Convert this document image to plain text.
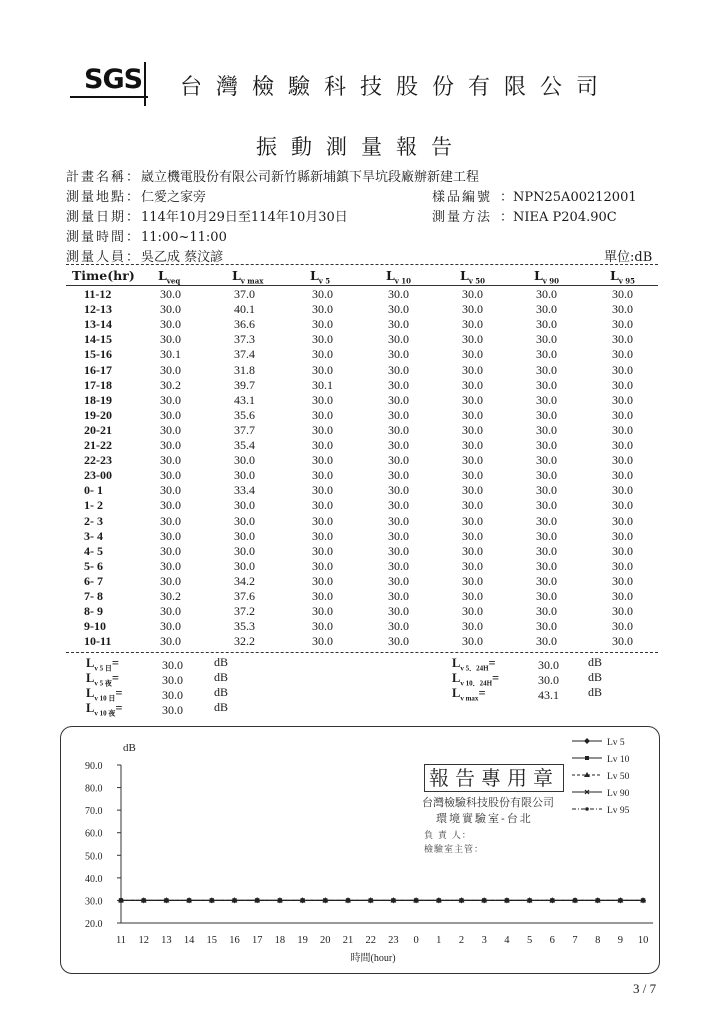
SGS 台灣檢驗科技股份有限公司
振動測量報告
計畫名稱：崴立機電股份有限公司新竹縣新埔鎮下旱坑段廠辦新建工程
測量地點：仁愛之家旁
測量日期：114年10月29日至114年10月30日
測量時間：11:00~11:00
測量人員：吳乙成 蔡汶諺
樣品編號 ：NPN25A00212001
測量方法 ：NIEA P204.90C
單位:dB
Time(hr) $L_{veq}$	$L_{v max}$	$L_{v 5}$	$L_{v 10}$	$L_{v 50}$	$L_{v 90}$	$L_{v 95}$
11-12	30.0	37.0	30.0	30.0	30.0	30.0	30.0
12-13	30.0	40.1	30.0	30.0	30.0	30.0	30.0
13-14	30.0	36.6	30.0	30.0	30.0	30.0	30.0
14-15	30.0	37.3	30.0	30.0	30.0	30.0	30.0
15-16	30.1	37.4	30.0	30.0	30.0	30.0	30.0
16-17	30.0	31.8	30.0	30.0	30.0	30.0	30.0
17-18	30.2	39.7	30.1	30.0	30.0	30.0	30.0
18-19	30.0	43.1	30.0	30.0	30.0	30.0	30.0
19-20	30.0	35.6	30.0	30.0	30.0	30.0	30.0
20-21	30.0	37.7	30.0	30.0	30.0	30.0	30.0
21-22	30.0	35.4	30.0	30.0	30.0	30.0	30.0
22-23	30.0	30.0	30.0	30.0	30.0	30.0	30.0
23-00	30.0	30.0	30.0	30.0	30.0	30.0	30.0
0- 1	30.0	33.4	30.0	30.0	30.0	30.0	30.0
1- 2	30.0	30.0	30.0	30.0	30.0	30.0	30.0
2- 3	30.0	30.0	30.0	30.0	30.0	30.0	30.0
3- 4	30.0	30.0	30.0	30.0	30.0	30.0	30.0
4- 5	30.0	30.0	30.0	30.0	30.0	30.0	30.0
5- 6	30.0	30.0	30.0	30.0	30.0	30.0	30.0
6- 7	30.0	34.2	30.0	30.0	30.0	30.0	30.0
7- 8	30.2	37.6	30.0	30.0	30.0	30.0	30.0
8- 9	30.0	37.2	30.0	30.0	30.0	30.0	30.0
9-10	30.0	35.3	30.0	30.0	30.0	30.0	30.0
10-11	30.0	32.2	30.0	30.0	30.0	30.0	30.0
$L_{v 5 日}=$	30.0	dB
$L_{v 5 夜}=$	30.0	dB
$L_{v 10 日}=$	30.0	dB
$L_{v 10 夜}=$	30.0	dB
$L_{v 5.24H}=$	30.0 dB
$L_{v 10.24H}=$	30.0 dB
$L_{v max}=$	43.1 dB
20.0
30.0
40.0
50.0
60.0
70.0
80.0
90.0
dB
11 12 13 14 15 16 17 18 19 20 21 22 23 0 1 2 3 4 5 6 7 8 9 10
時間(hour)
Lv 5
Lv 10
Lv 50
Lv 90
Lv 95
報告專用章
台灣檢驗科技股份有限公司
環境實驗室-台北
負 責 人：
檢驗室主管：
3 / 7
